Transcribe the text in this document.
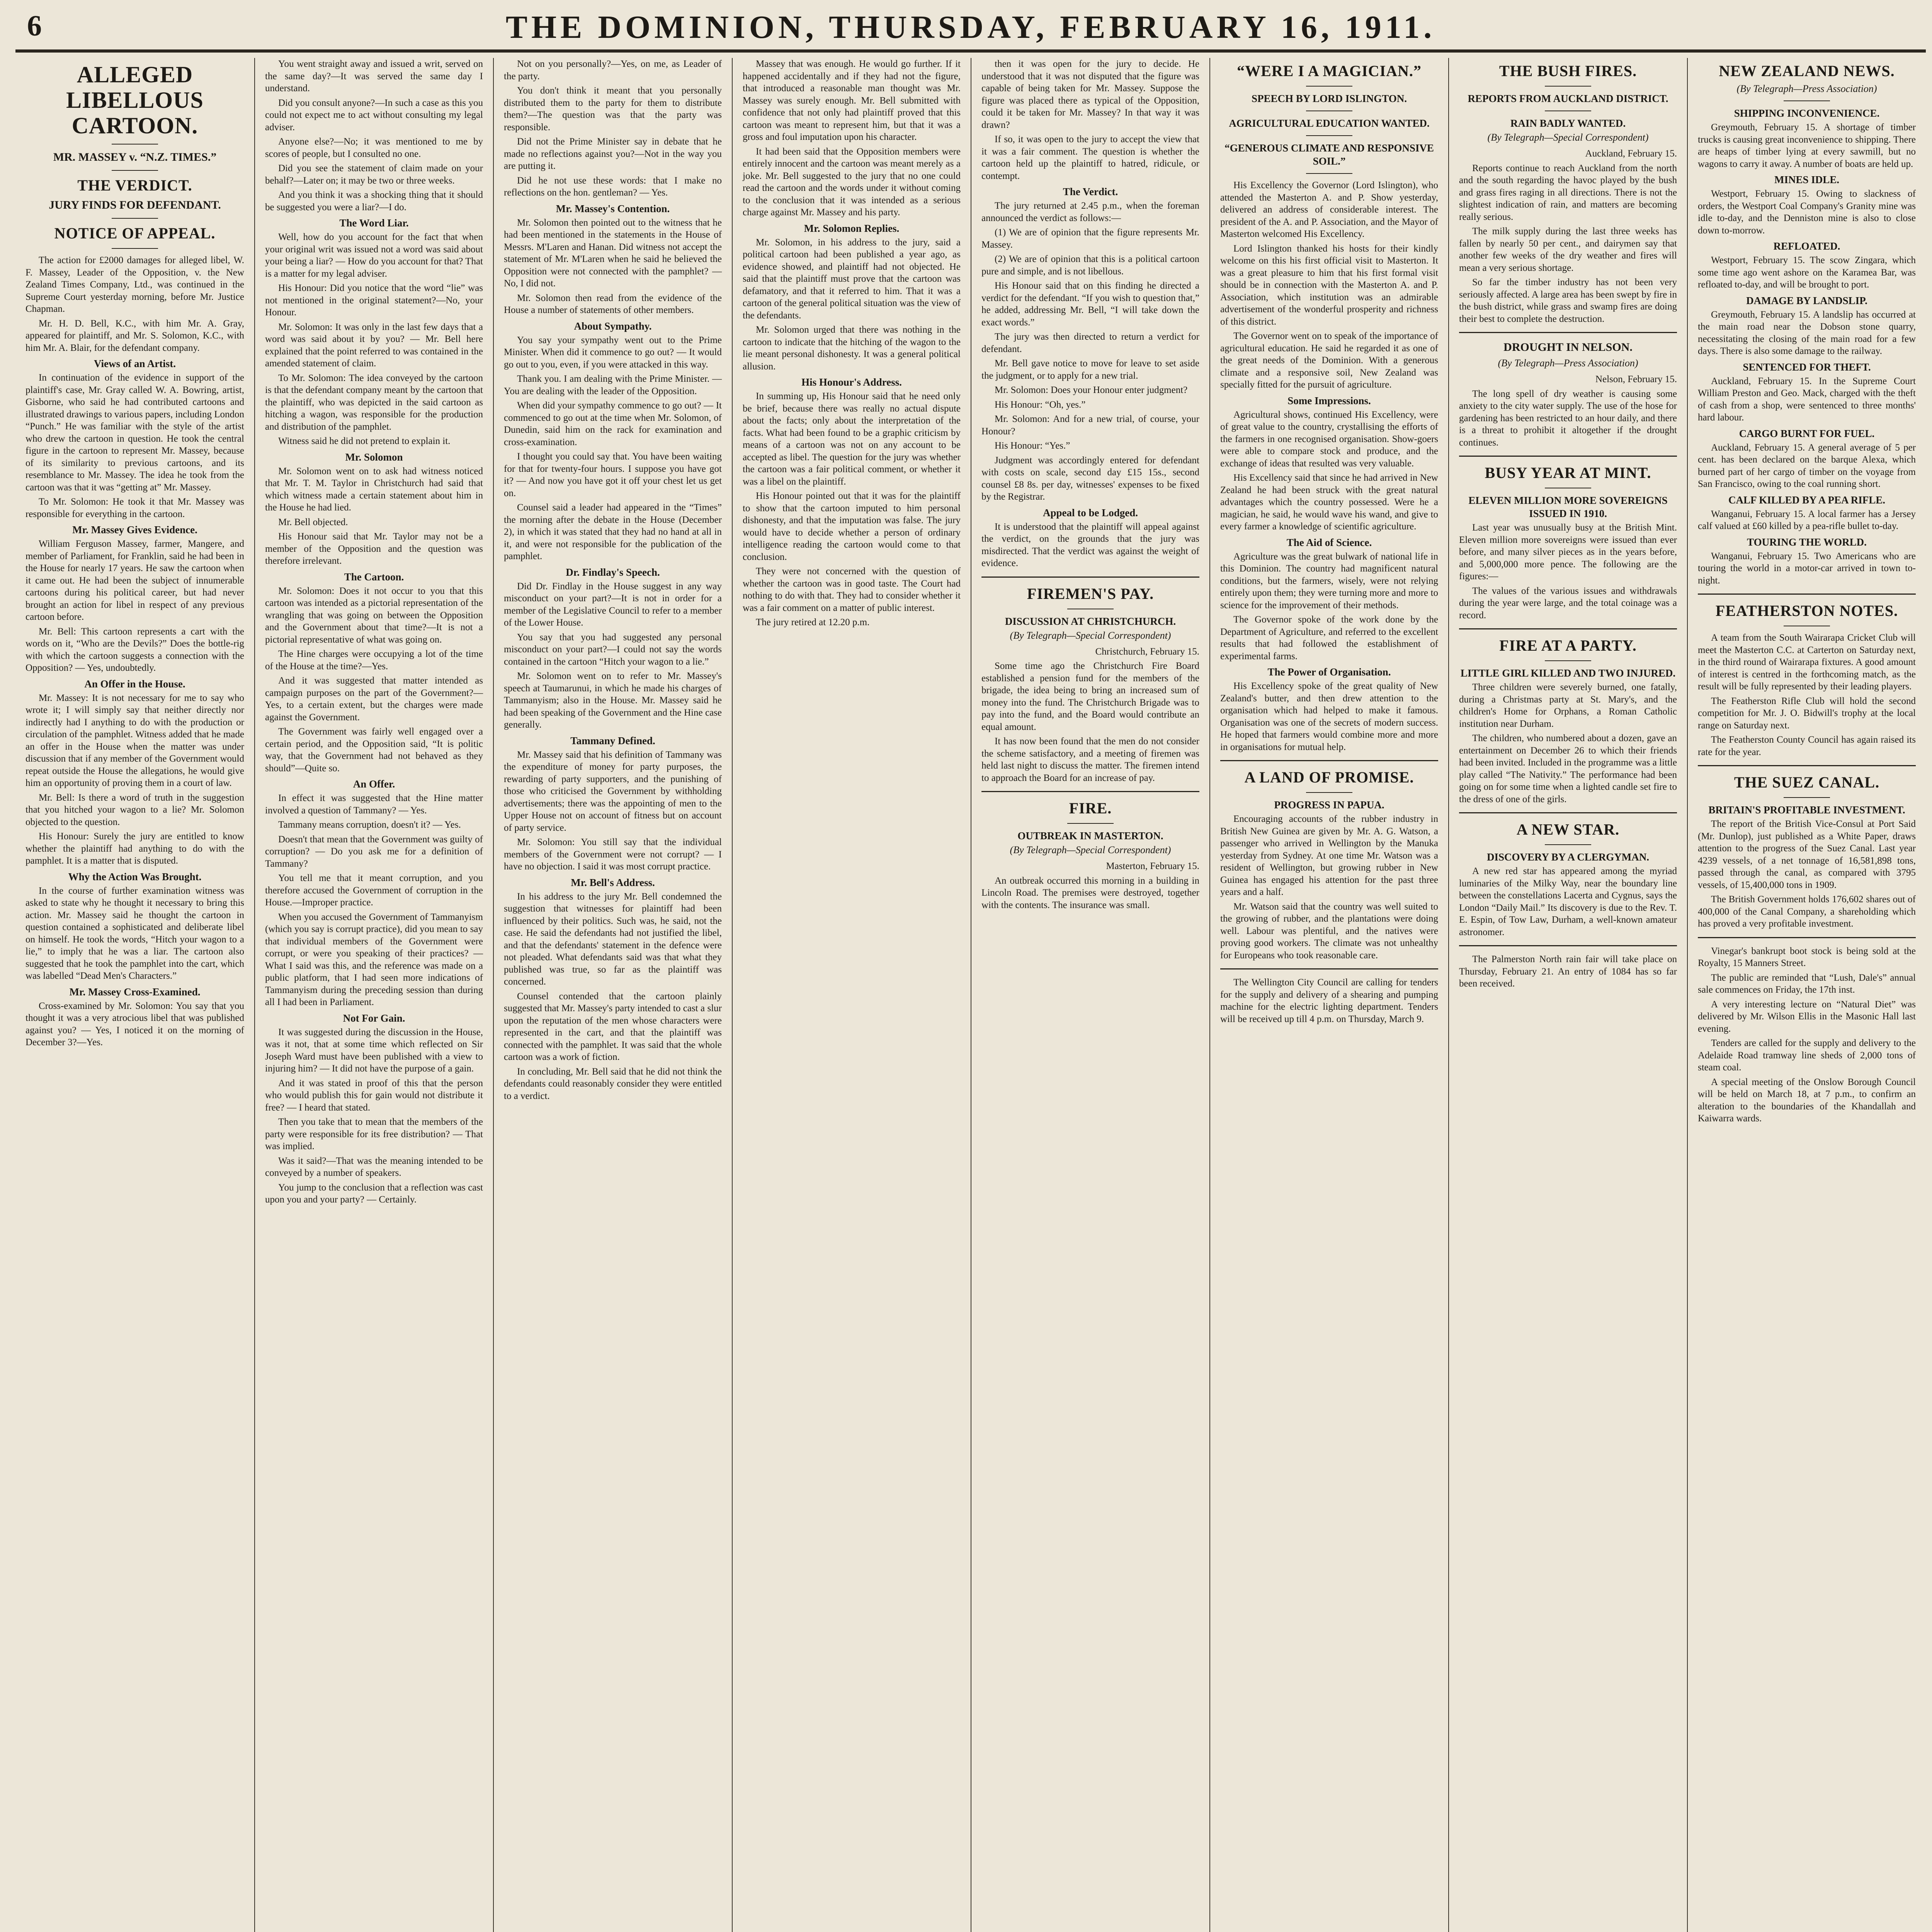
6	THE DOMINION, THURSDAY, FEBRUARY 16, 1911.
ALLEGED LIBELLOUS CARTOON.
MR. MASSEY v. “N.Z. TIMES.”
THE VERDICT.
JURY FINDS FOR DEFENDANT.
NOTICE OF APPEAL.

The action for £2000 damages for alleged libel, W. F. Massey, Leader of the Opposition, v. the New Zealand Times Company, Ltd., was continued in the Supreme Court yesterday morning, before Mr. Justice Chapman.

Mr. H. D. Bell, K.C., with him Mr. A. Gray, appeared for plaintiff, and Mr. S. Solomon, K.C., with him Mr. A. Blair, for the defendant company.

Views of an Artist.

In continuation of the evidence in support of the plaintiff's case, Mr. Gray called W. A. Bowring, artist, Gisborne, who said he had contributed cartoons and illustrated drawings to various papers, including London “Punch.” He was familiar with the style of the artist who drew the cartoon in question. He took the central figure in the cartoon to represent Mr. Massey, because of its similarity to previous cartoons, and its resemblance to Mr. Massey. The idea he took from the cartoon was that it was “getting at” Mr. Massey.

To Mr. Solomon: He took it that Mr. Massey was responsible for everything in the cartoon.

Mr. Massey Gives Evidence.

William Ferguson Massey, farmer, Mangere, and member of Parliament, for Franklin, said he had been in the House for nearly 17 years. He saw the cartoon when it came out. He had been the subject of innumerable cartoons during his political career, but had never brought an action for libel in respect of any previous cartoon before.

Mr. Bell: This cartoon represents a cart with the words on it, “Who are the Devils?” Does the bottle-rig with which the cartoon suggests a connection with the Opposition? — Yes, undoubtedly.

An Offer in the House.

Mr. Massey: It is not necessary for me to say who wrote it; I will simply say that neither directly nor indirectly had I anything to do with the production or circulation of the pamphlet. Witness added that he made an offer in the House when the matter was under discussion that if any member of the Government would repeat outside the House the allegations, he would give him an opportunity of proving them in a court of law.

Mr. Bell: Is there a word of truth in the suggestion that you hitched your wagon to a lie? Mr. Solomon objected to the question.

His Honour: Surely the jury are entitled to know whether the plaintiff had anything to do with the pamphlet. It is a matter that is disputed.

Why the Action Was Brought.

In the course of further examination witness was asked to state why he thought it necessary to bring this action. Mr. Massey said he thought the cartoon in question contained a sophisticated and deliberate libel on himself. He took the words, “Hitch your wagon to a lie,” to imply that he was a liar. The cartoon also suggested that he took the pamphlet into the cart, which was labelled “Dead Men's Characters.”

Mr. Massey Cross-Examined.

Cross-examined by Mr. Solomon: You say that you thought it was a very atrocious libel that was published against you? — Yes, I noticed it on the morning of December 3?—Yes.

You went straight away and issued a writ, served on the same day?—It was served the same day I understand.

Did you consult anyone?—In such a case as this you could not expect me to act without consulting my legal adviser.

Anyone else?—No; it was mentioned to me by scores of people, but I consulted no one.

Did you see the statement of claim made on your behalf?—Later on; it may be two or three weeks.

And you think it was a shocking thing that it should be suggested you were a liar?—I do.

The Word Liar.

Well, how do you account for the fact that when your original writ was issued not a word was said about your being a liar? — How do you account for that? That is a matter for my legal adviser.

His Honour: Did you notice that the word “lie” was not mentioned in the original statement?—No, your Honour.

Mr. Solomon: It was only in the last few days that a word was said about it by you? — Mr. Bell here explained that the point referred to was contained in the amended statement of claim.

To Mr. Solomon: The idea conveyed by the cartoon is that the defendant company meant by the cartoon that the plaintiff, who was depicted in the said cartoon as hitching a wagon, was responsible for the production and distribution of the pamphlet.

Witness said he did not pretend to explain it.

Mr. Solomon

Mr. Solomon went on to ask had witness noticed that Mr. T. M. Taylor in Christchurch had said that which witness made a certain statement about him in the House he had lied.

Mr. Bell objected.

His Honour said that Mr. Taylor may not be a member of the Opposition and the question was therefore irrelevant.

The Cartoon.

Mr. Solomon: Does it not occur to you that this cartoon was intended as a pictorial representation of the wrangling that was going on between the Opposition and the Government about that time?—It is not a pictorial representative of what was going on.

The Hine charges were occupying a lot of the time of the House at the time?—Yes.

And it was suggested that matter intended as campaign purposes on the part of the Government?—Yes, to a certain extent, but the charges were made against the Government.

The Government was fairly well engaged over a certain period, and the Opposition said, “It is politic way, that the Government had not behaved as they should”—Quite so.

An Offer.

In effect it was suggested that the Hine matter involved a question of Tammany? — Yes.

Tammany means corruption, doesn't it? — Yes.

Doesn't that mean that the Government was guilty of corruption? — Do you ask me for a definition of Tammany?

You tell me that it meant corruption, and you therefore accused the Government of corruption in the House.—Improper practice.

When you accused the Government of Tammanyism (which you say is corrupt practice), did you mean to say that individual members of the Government were corrupt, or were you speaking of their practices? — What I said was this, and the reference was made on a public platform, that I had seen more indications of Tammanyism during the preceding session than during all I had been in Parliament.

Not For Gain.

It was suggested during the discussion in the House, was it not, that at some time which reflected on Sir Joseph Ward must have been published with a view to injuring him? — It did not have the purpose of a gain.

And it was stated in proof of this that the person who would publish this for gain would not distribute it free? — I heard that stated.

Then you take that to mean that the members of the party were responsible for its free distribution? — That was implied.

Was it said?—That was the meaning intended to be conveyed by a number of speakers.

You jump to the conclusion that a reflection was cast upon you and your party? — Certainly.

Not on you personally?—Yes, on me, as Leader of the party.

You don't think it meant that you personally distributed them to the party for them to distribute them?—The question was that the party was responsible.

Did not the Prime Minister say in debate that he made no reflections against you?—Not in the way you are putting it.

Did he not use these words: that I make no reflections on the hon. gentleman? — Yes.

Mr. Massey's Contention.

Mr. Solomon then pointed out to the witness that he had been mentioned in the statements in the House of Messrs. M'Laren and Hanan. Did witness not accept the statement of Mr. M'Laren when he said he believed the Opposition were not connected with the pamphlet? — No, I did not.

Mr. Solomon then read from the evidence of the House a number of statements of other members.

About Sympathy.

You say your sympathy went out to the Prime Minister. When did it commence to go out? — It would go out to you, even, if you were attacked in this way.

Thank you. I am dealing with the Prime Minister. — You are dealing with the leader of the Opposition.

When did your sympathy commence to go out? — It commenced to go out at the time when Mr. Solomon, of Dunedin, said him on the rack for examination and cross-examination.

I thought you could say that. You have been waiting for that for twenty-four hours. I suppose you have got it? — And now you have got it off your chest let us get on.

Counsel said a leader had appeared in the “Times” the morning after the debate in the House (December 2), in which it was stated that they had no hand at all in it, and were not responsible for the publication of the pamphlet.

Dr. Findlay's Speech.

Did Dr. Findlay in the House suggest in any way misconduct on your part?—It is not in order for a member of the Legislative Council to refer to a member of the Lower House.

You say that you had suggested any personal misconduct on your part?—I could not say the words contained in the cartoon “Hitch your wagon to a lie.”

Mr. Solomon went on to refer to Mr. Massey's speech at Taumarunui, in which he made his charges of Tammanyism; also in the House. Mr. Massey said he had been speaking of the Government and the Hine case generally.

Tammany Defined.

Mr. Massey said that his definition of Tammany was the expenditure of money for party purposes, the rewarding of party supporters, and the punishing of those who criticised the Government by withholding advertisements; there was the appointing of men to the Upper House not on account of fitness but on account of party service.

Mr. Solomon: You still say that the individual members of the Government were not corrupt? — I have no objection. I said it was most corrupt practice.

Mr. Bell's Address.

In his address to the jury Mr. Bell condemned the suggestion that witnesses for plaintiff had been influenced by their politics. Such was, he said, not the case. He said the defendants had not justified the libel, and that the defendants' statement in the defence were not pleaded. What defendants said was that what they published was true, so far as the plaintiff was concerned.

Counsel contended that the cartoon plainly suggested that Mr. Massey's party intended to cast a slur upon the reputation of the men whose characters were represented in the cart, and that the plaintiff was connected with the pamphlet. It was said that the whole cartoon was a work of fiction.

In concluding, Mr. Bell said that he did not think the defendants could reasonably consider they were entitled to a verdict.

Massey that was enough. He would go further. If it happened accidentally and if they had not the figure, that introduced a reasonable man thought was Mr. Massey was surely enough. Mr. Bell submitted with confidence that not only had plaintiff proved that this cartoon was meant to represent him, but that it was a gross and foul imputation upon his character.

It had been said that the Opposition members were entirely innocent and the cartoon was meant merely as a joke. Mr. Bell suggested to the jury that no one could read the cartoon and the words under it without coming to the conclusion that it was intended as a serious charge against Mr. Massey and his party.

Mr. Solomon Replies.

Mr. Solomon, in his address to the jury, said a political cartoon had been published a year ago, as evidence showed, and plaintiff had not objected. He said that the plaintiff must prove that the cartoon was defamatory, and that it referred to him. That it was a cartoon of the general political situation was the view of the defendants.

Mr. Solomon urged that there was nothing in the cartoon to indicate that the hitching of the wagon to the lie meant personal dishonesty. It was a general political allusion.

His Honour's Address.

In summing up, His Honour said that he need only be brief, because there was really no actual dispute about the facts; only about the interpretation of the facts. What had been found to be a graphic criticism by means of a cartoon was not on any account to be accepted as libel. The question for the jury was whether the cartoon was a fair political comment, or whether it was a libel on the plaintiff.

His Honour pointed out that it was for the plaintiff to show that the cartoon imputed to him personal dishonesty, and that the imputation was false. The jury would have to decide whether a person of ordinary intelligence reading the cartoon would come to that conclusion.

They were not concerned with the question of whether the cartoon was in good taste. The Court had nothing to do with that. They had to consider whether it was a fair comment on a matter of public interest.

The jury retired at 12.20 p.m.

then it was open for the jury to decide. He understood that it was not disputed that the figure was capable of being taken for Mr. Massey. Suppose the figure was placed there as typical of the Opposition, could it be taken for Mr. Massey? In that way it was drawn?

If so, it was open to the jury to accept the view that it was a fair comment. The question is whether the cartoon held up the plaintiff to hatred, ridicule, or contempt.

The Verdict.

The jury returned at 2.45 p.m., when the foreman announced the verdict as follows:—

(1) We are of opinion that the figure represents Mr. Massey.

(2) We are of opinion that this is a political cartoon pure and simple, and is not libellous.

His Honour said that on this finding he directed a verdict for the defendant. “If you wish to question that,” he added, addressing Mr. Bell, “I will take down the exact words.”

The jury was then directed to return a verdict for defendant.

Mr. Bell gave notice to move for leave to set aside the judgment, or to apply for a new trial.

Mr. Solomon: Does your Honour enter judgment?

His Honour: “Oh, yes.”

Mr. Solomon: And for a new trial, of course, your Honour?

His Honour: “Yes.”

Judgment was accordingly entered for defendant with costs on scale, second day £15 15s., second counsel £8 8s. per day, witnesses' expenses to be fixed by the Registrar.

Appeal to be Lodged.

It is understood that the plaintiff will appeal against the verdict, on the grounds that the jury was misdirected. That the verdict was against the weight of evidence.

FIREMEN'S PAY.
DISCUSSION AT CHRISTCHURCH.
(By Telegraph—Special Correspondent)

Christchurch, February 15.

Some time ago the Christchurch Fire Board established a pension fund for the members of the brigade, the idea being to bring an increased sum of money into the fund. The Christchurch Brigade was to pay into the fund, and the Board would contribute an equal amount.

It has now been found that the men do not consider the scheme satisfactory, and a meeting of firemen was held last night to discuss the matter. The firemen intend to approach the Board for an increase of pay.

FIRE.
OUTBREAK IN MASTERTON.
(By Telegraph—Special Correspondent)

Masterton, February 15.

An outbreak occurred this morning in a building in Lincoln Road. The premises were destroyed, together with the contents. The insurance was small.

“WERE I A MAGICIAN.”
SPEECH BY LORD ISLINGTON.
AGRICULTURAL EDUCATION WANTED.
“GENEROUS CLIMATE AND RESPONSIVE SOIL.”

His Excellency the Governor (Lord Islington), who attended the Masterton A. and P. Show yesterday, delivered an address of considerable interest. The president of the A. and P. Association, and the Mayor of Masterton welcomed His Excellency.

Lord Islington thanked his hosts for their kindly welcome on this his first official visit to Masterton. It was a great pleasure to him that his first formal visit should be in connection with the Masterton A. and P. Association, which institution was an admirable advertisement of the wonderful prosperity and richness of this district.

The Governor went on to speak of the importance of agricultural education. He said he regarded it as one of the great needs of the Dominion. With a generous climate and a responsive soil, New Zealand was specially fitted for the pursuit of agriculture.

Some Impressions.

Agricultural shows, continued His Excellency, were of great value to the country, crystallising the efforts of the farmers in one recognised organisation. Show-goers were able to compare stock and produce, and the exchange of ideas that resulted was very valuable.

His Excellency said that since he had arrived in New Zealand he had been struck with the great natural advantages which the country possessed. Were he a magician, he said, he would wave his wand, and give to every farmer a knowledge of scientific agriculture.

The Aid of Science.

Agriculture was the great bulwark of national life in this Dominion. The country had magnificent natural conditions, but the farmers, wisely, were not relying entirely upon them; they were turning more and more to science for the improvement of their methods.

The Governor spoke of the work done by the Department of Agriculture, and referred to the excellent results that had followed the establishment of experimental farms.

The Power of Organisation.

His Excellency spoke of the great quality of New Zealand's butter, and then drew attention to the organisation which had helped to make it famous. Organisation was one of the secrets of modern success. He hoped that farmers would combine more and more in organisations for mutual help.

A LAND OF PROMISE.
PROGRESS IN PAPUA.

Encouraging accounts of the rubber industry in British New Guinea are given by Mr. A. G. Watson, a passenger who arrived in Wellington by the Manuka yesterday from Sydney. At one time Mr. Watson was a resident of Wellington, but growing rubber in New Guinea has engaged his attention for the past three years and a half.

Mr. Watson said that the country was well suited to the growing of rubber, and the plantations were doing well. Labour was plentiful, and the natives were proving good workers. The climate was not unhealthy for Europeans who took reasonable care.

The Wellington City Council are calling for tenders for the supply and delivery of a shearing and pumping machine for the electric lighting department. Tenders will be received up till 4 p.m. on Thursday, March 9.

THE BUSH FIRES.
REPORTS FROM AUCKLAND DISTRICT.
RAIN BADLY WANTED.
(By Telegraph—Special Correspondent)

Auckland, February 15.

Reports continue to reach Auckland from the north and the south regarding the havoc played by the bush and grass fires raging in all directions. There is not the slightest indication of rain, and matters are becoming really serious.

The milk supply during the last three weeks has fallen by nearly 50 per cent., and dairymen say that another few weeks of the dry weather and fires will mean a very serious shortage.

So far the timber industry has not been very seriously affected. A large area has been swept by fire in the bush district, while grass and swamp fires are doing their best to complete the destruction.

DROUGHT IN NELSON.
(By Telegraph—Press Association)

Nelson, February 15.

The long spell of dry weather is causing some anxiety to the city water supply. The use of the hose for gardening has been restricted to an hour daily, and there is a threat to prohibit it altogether if the drought continues.

BUSY YEAR AT MINT.
ELEVEN MILLION MORE SOVEREIGNS ISSUED IN 1910.

Last year was unusually busy at the British Mint. Eleven million more sovereigns were issued than ever before, and many silver pieces as in the years before, and 5,000,000 more pence. The following are the figures:—

The values of the various issues and withdrawals during the year were large, and the total coinage was a record.

FIRE AT A PARTY.
LITTLE GIRL KILLED AND TWO INJURED.

Three children were severely burned, one fatally, during a Christmas party at St. Mary's, and the children's Home for Orphans, a Roman Catholic institution near Durham.

The children, who numbered about a dozen, gave an entertainment on December 26 to which their friends had been invited. Included in the programme was a little play called “The Nativity.” The performance had been going on for some time when a lighted candle set fire to the dress of one of the girls.

A NEW STAR.
DISCOVERY BY A CLERGYMAN.

A new red star has appeared among the myriad luminaries of the Milky Way, near the boundary line between the constellations Lacerta and Cygnus, says the London “Daily Mail.” Its discovery is due to the Rev. T. E. Espin, of Tow Law, Durham, a well-known amateur astronomer.

The Palmerston North rain fair will take place on Thursday, February 21. An entry of 1084 has so far been received.

NEW ZEALAND NEWS.
(By Telegraph—Press Association)
SHIPPING INCONVENIENCE.

Greymouth, February 15. A shortage of timber trucks is causing great inconvenience to shipping. There are heaps of timber lying at every sawmill, but no wagons to carry it away. A number of boats are held up.

MINES IDLE.

Westport, February 15. Owing to slackness of orders, the Westport Coal Company's Granity mine was idle to-day, and the Denniston mine is also to close down to-morrow.

REFLOATED.

Westport, February 15. The scow Zingara, which some time ago went ashore on the Karamea Bar, was refloated to-day, and will be brought to port.

DAMAGE BY LANDSLIP.

Greymouth, February 15. A landslip has occurred at the main road near the Dobson stone quarry, necessitating the closing of the main road for a few days. There is also some damage to the railway.

SENTENCED FOR THEFT.

Auckland, February 15. In the Supreme Court William Preston and Geo. Mack, charged with the theft of cash from a shop, were sentenced to three months' hard labour.

CARGO BURNT FOR FUEL.

Auckland, February 15. A general average of 5 per cent. has been declared on the barque Alexa, which burned part of her cargo of timber on the voyage from San Francisco, owing to the coal running short.

CALF KILLED BY A PEA RIFLE.

Wanganui, February 15. A local farmer has a Jersey calf valued at £60 killed by a pea-rifle bullet to-day.

TOURING THE WORLD.

Wanganui, February 15. Two Americans who are touring the world in a motor-car arrived in town to-night.

FEATHERSTON NOTES.

A team from the South Wairarapa Cricket Club will meet the Masterton C.C. at Carterton on Saturday next, in the third round of Wairarapa fixtures. A good amount of interest is centred in the forthcoming match, as the result will be fully represented by their leading players.

The Featherston Rifle Club will hold the second competition for Mr. J. O. Bidwill's trophy at the local range on Saturday next.

The Featherston County Council has again raised its rate for the year.

THE SUEZ CANAL.
BRITAIN'S PROFITABLE INVESTMENT.

The report of the British Vice-Consul at Port Said (Mr. Dunlop), just published as a White Paper, draws attention to the progress of the Suez Canal. Last year 4239 vessels, of a net tonnage of 16,581,898 tons, passed through the canal, as compared with 3795 vessels, of 15,400,000 tons in 1909.

The British Government holds 176,602 shares out of 400,000 of the Canal Company, a shareholding which has proved a very profitable investment.

Vinegar's bankrupt boot stock is being sold at the Royalty, 15 Manners Street.

The public are reminded that “Lush, Dale's” annual sale commences on Friday, the 17th inst.

A very interesting lecture on “Natural Diet” was delivered by Mr. Wilson Ellis in the Masonic Hall last evening.

Tenders are called for the supply and delivery to the Adelaide Road tramway line sheds of 2,000 tons of steam coal.

A special meeting of the Onslow Borough Council will be held on March 18, at 7 p.m., to confirm an alteration to the boundaries of the Khandallah and Kaiwarra wards.
